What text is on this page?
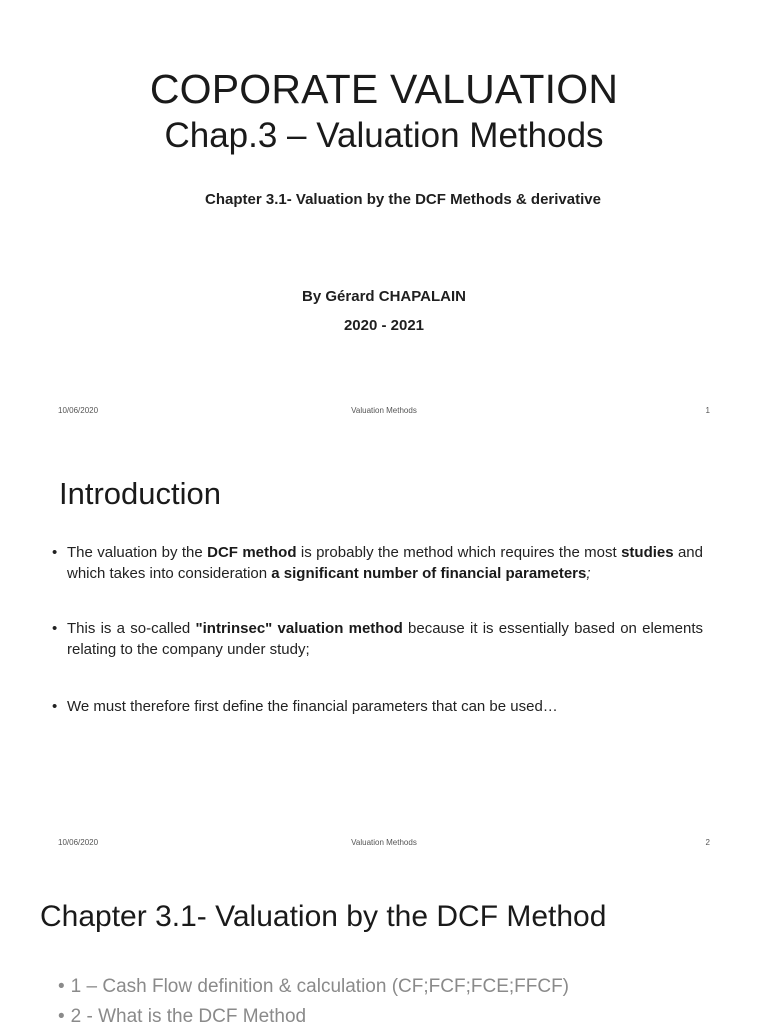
COPORATE VALUATION
Chap.3 – Valuation Methods
Chapter 3.1- Valuation by the DCF Methods & derivative
By Gérard CHAPALAIN
2020 - 2021
10/06/2020	Valuation Methods	1
Introduction
• The valuation by the DCF method is probably the method which requires the most studies and which takes into consideration a significant number of financial parameters;
• This is a so-called "intrinsec" valuation method because it is essentially based on elements relating to the company under study;
• We must therefore first define the financial parameters that can be used…
10/06/2020	Valuation Methods	2
Chapter 3.1- Valuation by the DCF Method
• 1 – Cash Flow definition & calculation (CF;FCF;FCE;FFCF)
• 2 - What is the DCF Method
